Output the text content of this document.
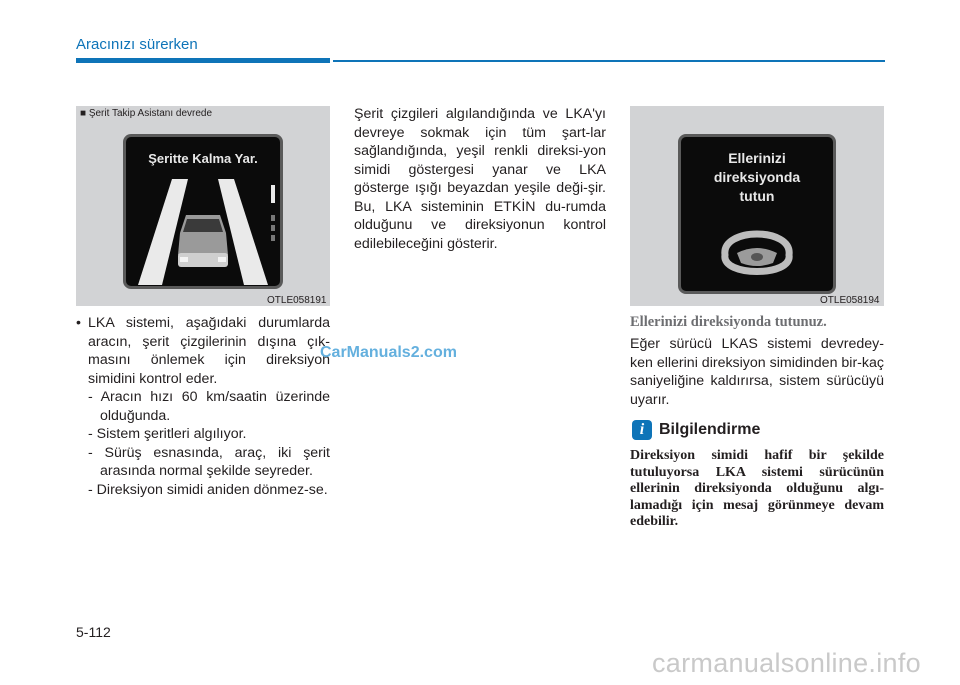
Aracınızı sürerken
■ Şerit Takip Asistanı devrede
Şeritte Kalma Yar.
OTLE058191
Ellerinizi
direksiyonda
tutun
OTLE058194

• LKA sistemi, aşağıdaki durumlarda aracın, şerit çizgilerinin dışına çık-masını önlemek için direksiyon simidini kontrol eder.

- Aracın hızı 60 km/saatin üzerinde olduğunda.

- Sistem şeritleri algılıyor.

- Sürüş esnasında, araç, iki şerit arasında normal şekilde seyreder.

- Direksiyon simidi aniden dönmez-se.

Şerit çizgileri algılandığında ve LKA'yı devreye sokmak için tüm şart-lar sağlandığında, yeşil renkli direksi-yon simidi göstergesi yanar ve LKA gösterge ışığı beyazdan yeşile deği-şir. Bu, LKA sisteminin ETKİN du-rumda olduğunu ve direksiyonun kontrol edilebileceğini gösterir.

Ellerinizi direksiyonda tutunuz.

Eğer sürücü LKAS sistemi devredey-ken ellerini direksiyon simidinden bir-kaç saniyeliğine kaldırırsa, sistem sürücüyü uyarır.

i Bilgilendirme
Direksiyon simidi hafif bir şekilde tutuluyorsa LKA sistemi sürücünün ellerinin direksiyonda olduğunu algı-lamadığı için mesaj görünmeye devam edebilir.
CarManuals2.com
5-112
carmanualsonline.info
